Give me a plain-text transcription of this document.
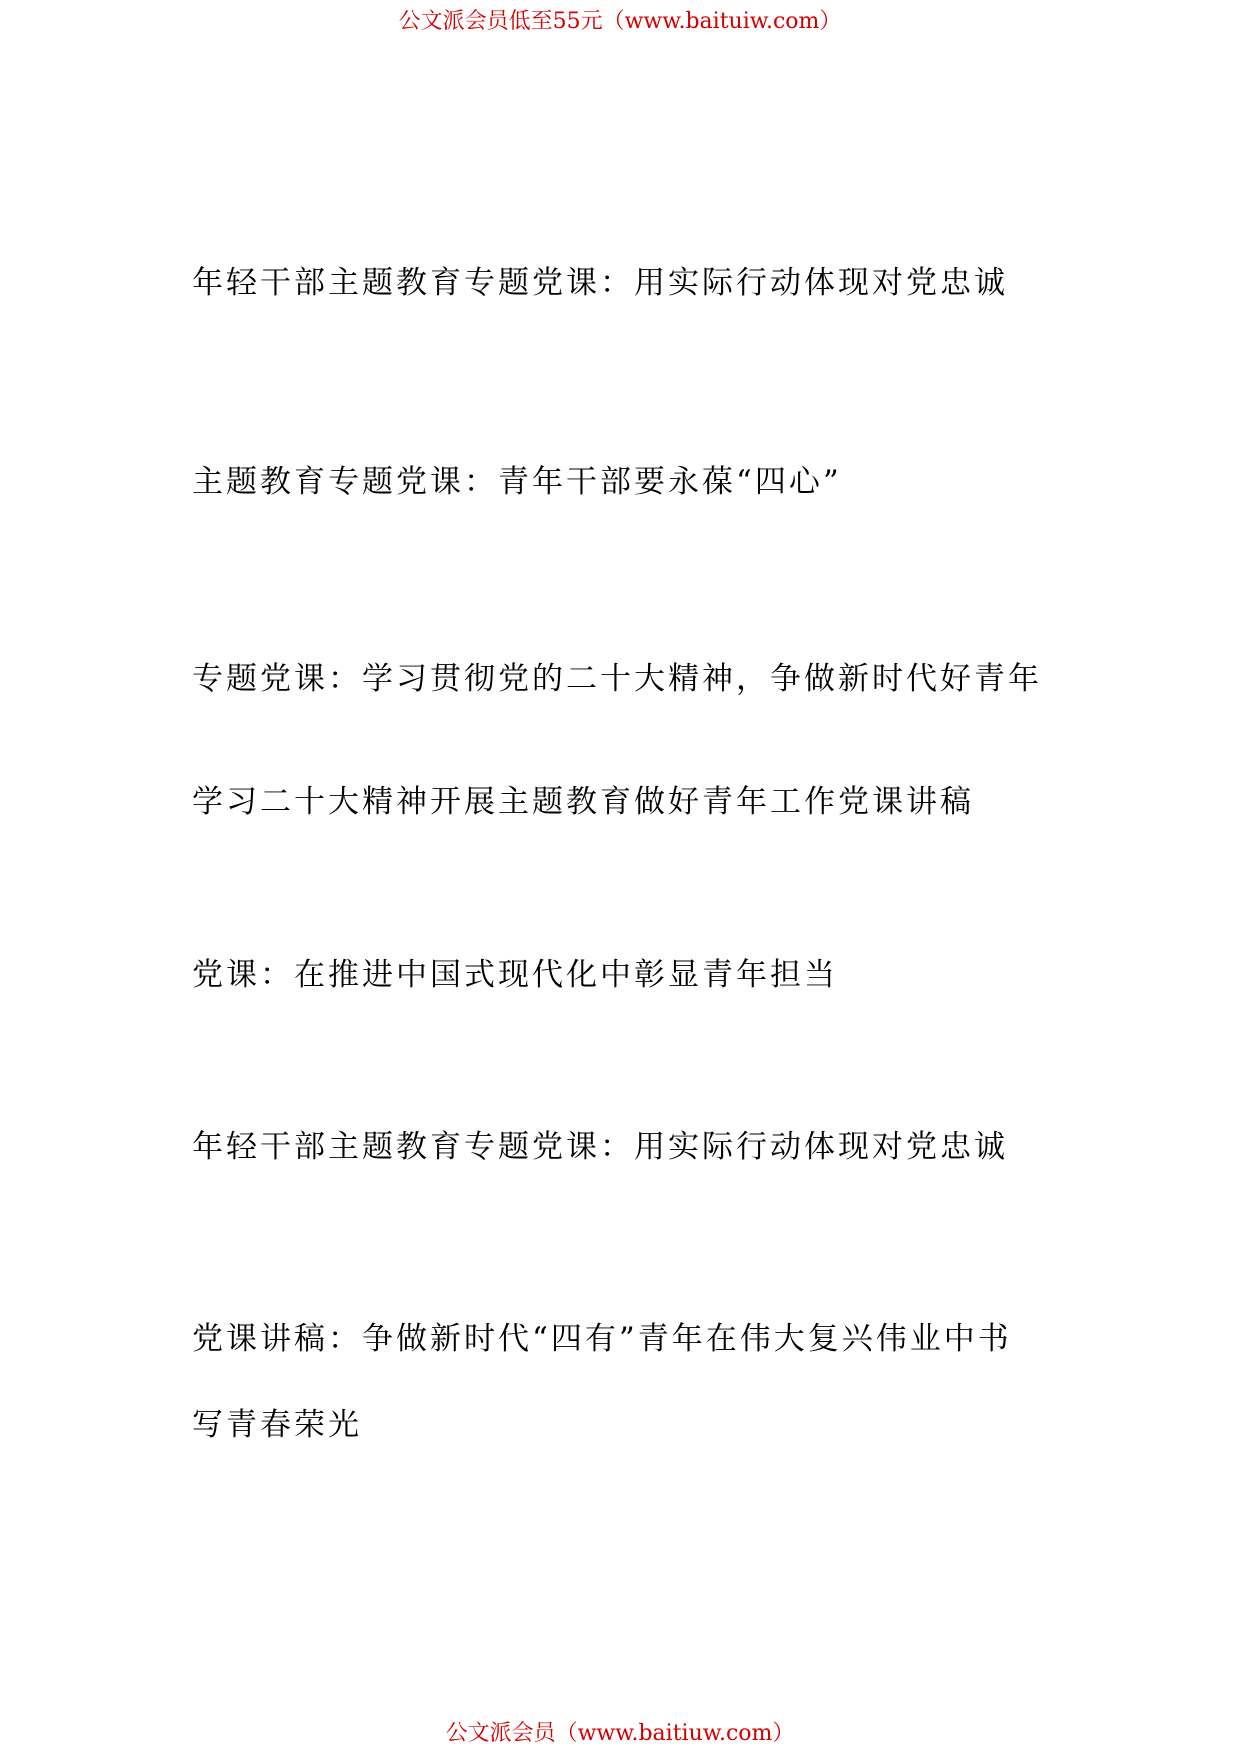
公文派会员低至55元（www.baituiw.com）
年轻干部主题教育专题党课：用实际行动体现对党忠诚
主题教育专题党课：青年干部要永葆“四心”
专题党课：学习贯彻党的二十大精神，争做新时代好青年
学习二十大精神开展主题教育做好青年工作党课讲稿
党课：在推进中国式现代化中彰显青年担当
年轻干部主题教育专题党课：用实际行动体现对党忠诚
党课讲稿：争做新时代“四有”青年在伟大复兴伟业中书
写青春荣光
公文派会员（www.baitiuw.com）
